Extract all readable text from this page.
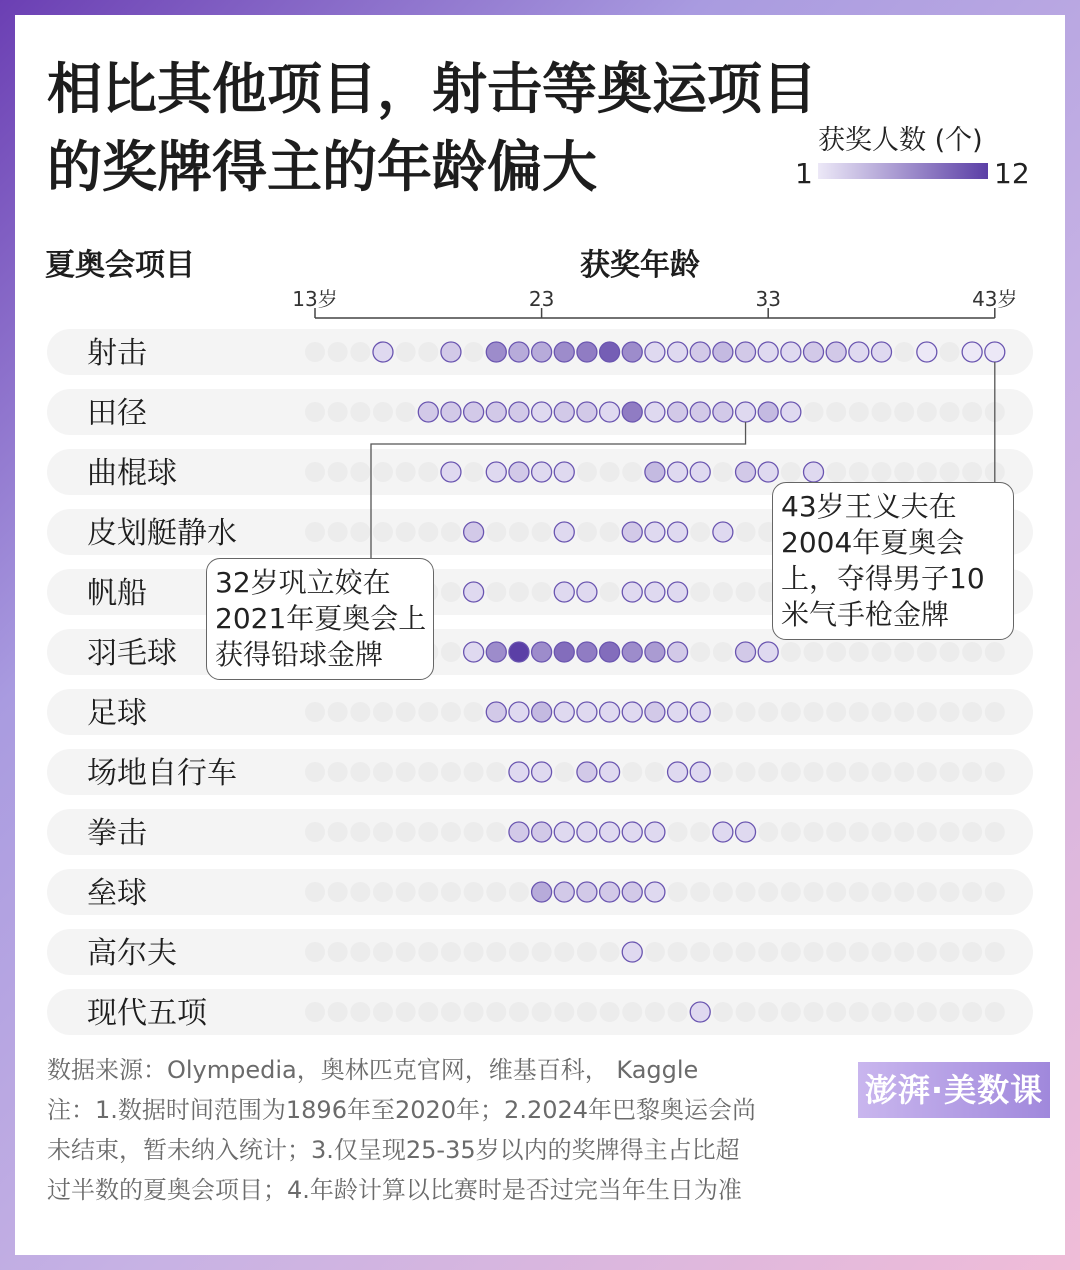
相比其他项目，射击等奥运项目
的奖牌得主的年龄偏大	获奖人数 (个)
1	12
夏奥会项目	获奖年龄
13岁	23	33	43岁
射击
田径
曲棍球
皮划艇静水
帆船
羽毛球
足球
场地自行车
拳击
垒球
高尔夫
现代五项
32岁巩立姣在
2021年夏奥会上
获得铅球金牌
43岁王义夫在
2004年夏奥会
上，夺得男子10
米气手枪金牌
数据来源：Olympedia，奥林匹克官网，维基百科， Kaggle
注：1.数据时间范围为1896年至2020年；2.2024年巴黎奥运会尚
未结束，暂未纳入统计；3.仅呈现25-35岁以内的奖牌得主占比超
过半数的夏奥会项目；4.年龄计算以比赛时是否过完当年生日为准
澎湃·美数课
